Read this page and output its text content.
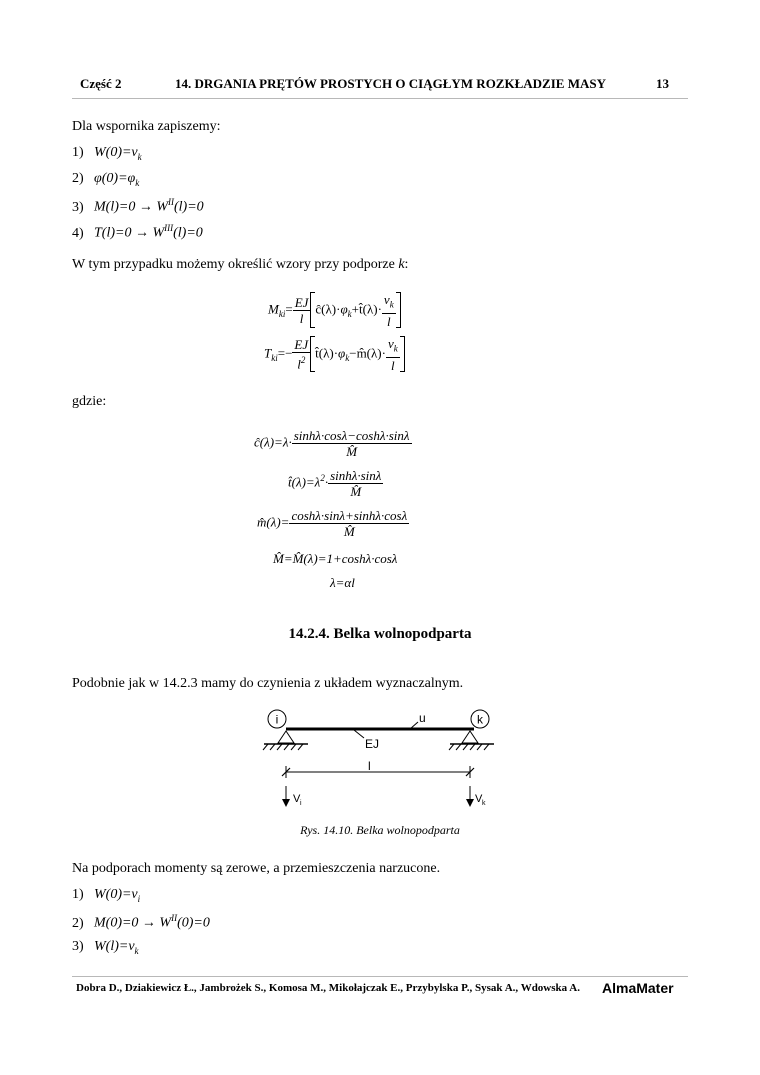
Część 2	14. DRGANIA PRĘTÓW PROSTYCH O CIĄGŁYM ROZKŁADZIE MASY	13
Dla wspornika zapiszemy:
1) $W(0)=v_k$
2) $\varphi(0)=\varphi_k$
3) $M(l)=0 \to W^{II}(l)=0$
4) $T(l)=0 \to W^{III}(l)=0$
W tym przypadku możemy określić wzory przy podporze k:
$M_{ki}= \frac{EJ}{l}$ $ĉ(\lambda)\cdot\varphi_k+t̂(\lambda)\cdot \frac{v_k}{l}$
$T_{ki}=- \frac{EJ}{l^2}$ $t̂(\lambda)\cdot\varphi_k-m̂(\lambda)\cdot \frac{v_k}{l}$
gdzie:
ĉ(λ)=λ· $\frac{\sinh\lambda\cdot\cos\lambda-\cosh\lambda\cdot\sin\lambda}{M̂}$
$t̂(\lambda)=\lambda^2\cdot \frac{\sinh\lambda\cdot\sin\lambda}{M̂}$
m̂(λ)= $\frac{\cosh\lambda\cdot\sin\lambda+\sinh\lambda\cdot\cos\lambda}{M̂}$
M̂=M̂(λ)=1+coshλ·cosλ
λ=αl
14.2.4. Belka wolnopodparta
Podobnie jak w 14.2.3 mamy do czynienia z układem wyznaczalnym.
i	k
u
EJ
l
V i	V k
Rys. 14.10. Belka wolnopodparta
Na podporach momenty są zerowe, a przemieszczenia narzucone.
1) $W(0)=v_i$
2) $M(0)=0 \to W^{II}(0)=0$
3) $W(l)=v_k$
Dobra D., Dziakiewicz Ł., Jambrożek S., Komosa M., Mikołajczak E., Przybylska P., Sysak A., Wdowska A. AlmaMater
